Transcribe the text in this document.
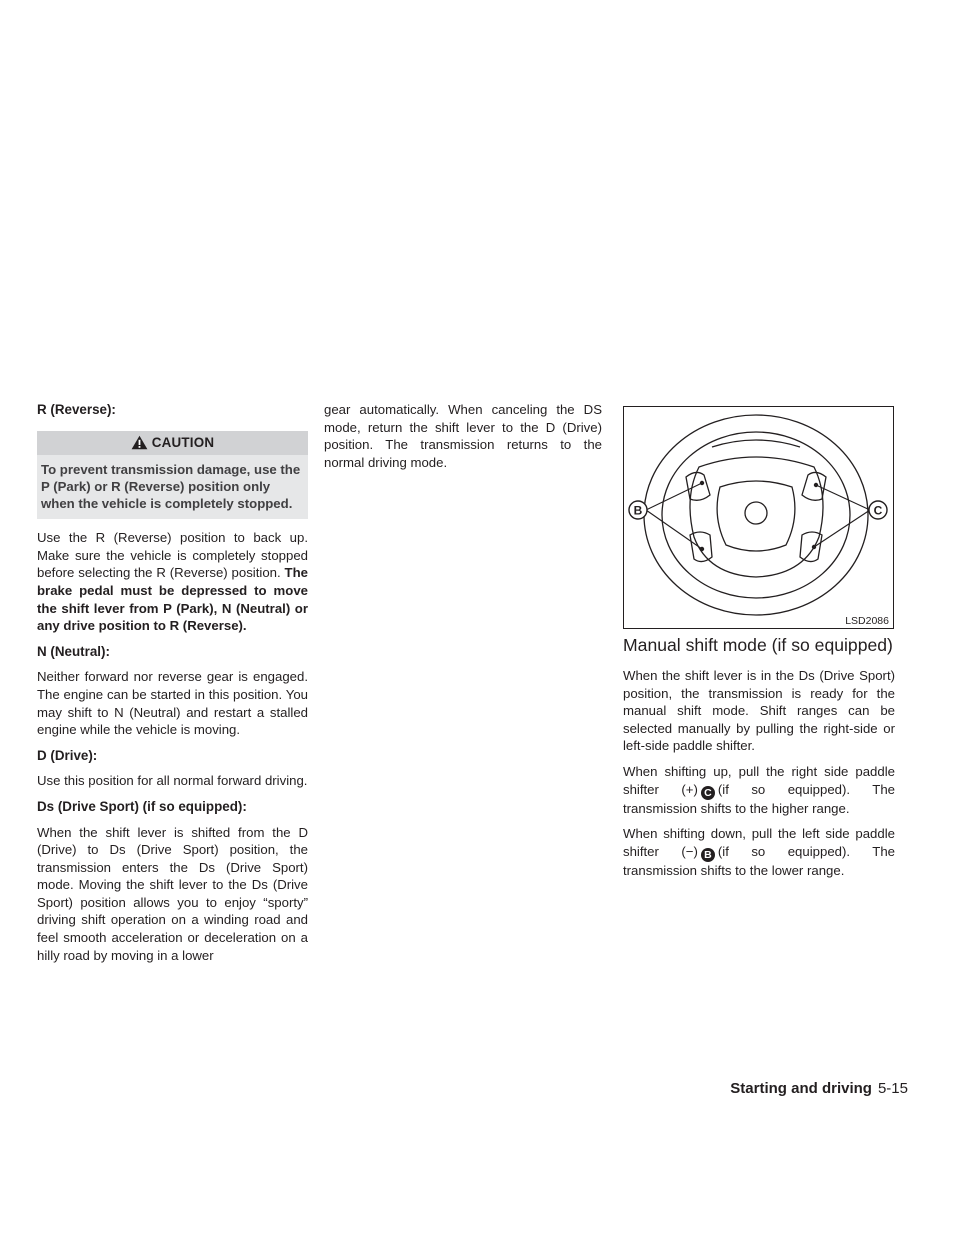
R (Reverse):
CAUTION
To prevent transmission damage, use the P (Park) or R (Reverse) position only when the vehicle is completely stopped.

Use the R (Reverse) position to back up. Make sure the vehicle is completely stopped before selecting the R (Reverse) position. The brake pedal must be depressed to move the shift lever from P (Park), N (Neutral) or any drive position to R (Reverse).

N (Neutral):

Neither forward nor reverse gear is engaged. The engine can be started in this position. You may shift to N (Neutral) and restart a stalled engine while the vehicle is moving.

D (Drive):

Use this position for all normal forward driving.

Ds (Drive Sport) (if so equipped):

When the shift lever is shifted from the D (Drive) to Ds (Drive Sport) position, the transmission enters the Ds (Drive Sport) mode. Moving the shift lever to the Ds (Drive Sport) position allows you to enjoy “sporty” driving shift operation on a winding road and feel smooth acceleration or deceleration on a hilly road by moving in a lower

gear automatically. When canceling the DS mode, return the shift lever to the D (Drive) position. The transmission returns to the normal driving mode.

B	C
LSD2086
Manual shift mode (if so equipped)

When the shift lever is in the Ds (Drive Sport) position, the transmission is ready for the manual shift mode. Shift ranges can be selected manually by pulling the right-side or left-side paddle shifter.

When shifting up, pull the right side paddle shifter (+) C (if so equipped). The transmission shifts to the higher range.

When shifting down, pull the left side paddle shifter (−) B (if so equipped). The transmission shifts to the lower range.

Starting and driving 5-15
